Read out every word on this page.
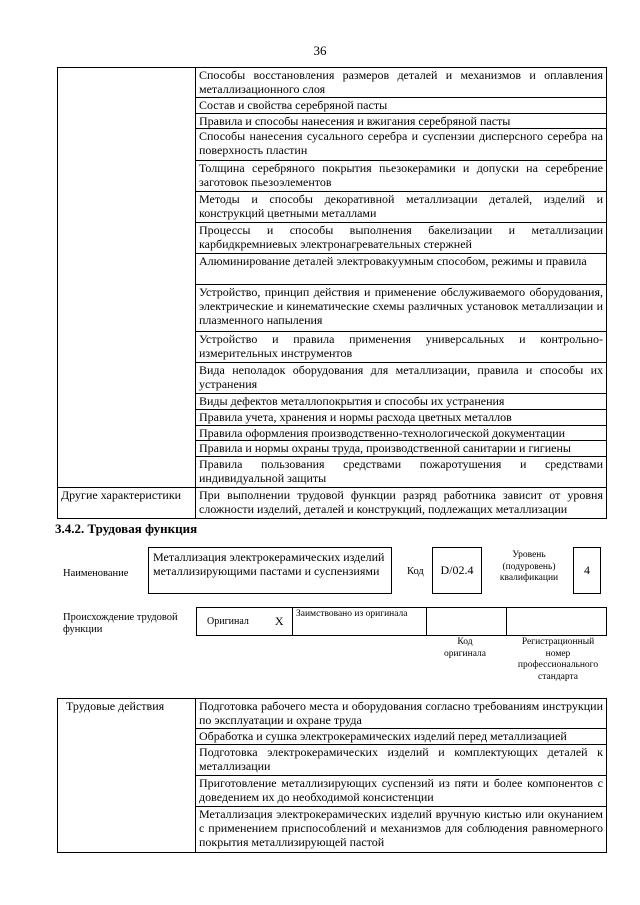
36
	Способы восстановления размеров деталей и механизмов и оплавления металлизационного слоя
	Состав и свойства серебряной пасты
	Правила и способы нанесения и вжигания серебряной пасты
	Способы нанесения сусального серебра и суспензии дисперсного серебра на поверхность пластин
	Толщина серебряного покрытия пьезокерамики и допуски на серебрение заготовок пьезоэлементов
	Методы и способы декоративной металлизации деталей, изделий и конструкций цветными металлами
	Процессы и способы выполнения бакелизации и металлизации карбидкремниевых электронагревательных стержней
	Алюминирование деталей электровакуумным способом, режимы и правила
	Устройство, принцип действия и применение обслуживаемого оборудования, электрические и кинематические схемы различных установок металлизации и плазменного напыления
	Устройство и правила применения универсальных и контрольно-измерительных инструментов
	Вида неполадок оборудования для металлизации, правила и способы их устранения
	Виды дефектов металлопокрытия и способы их устранения
	Правила учета, хранения и нормы расхода цветных металлов
	Правила оформления производственно-технологической документации
	Правила и нормы охраны труда, производственной санитарии и гигиены
	Правила пользования средствами пожаротушения и средствами индивидуальной защиты
Другие характеристики	При выполнении трудовой функции разряд работника зависит от уровня сложности изделий, деталей и конструкций, подлежащих металлизации
3.4.2. Трудовая функция
Наименование
Металлизация электрокерамических изделий металлизирующими пастами и суспензиями	Код	D/02.4
Уровень (подуровень) квалификации
4
Происхождение трудовой функции
Оригинал	X	Заимствовано из оригинала		
Код оригинала
Регистрационный номер профессионального стандарта
Трудовые действия	Подготовка рабочего места и оборудования согласно требованиям инструкции по эксплуатации и охране труда
Обработка и сушка электрокерамических изделий перед металлизацией
Подготовка электрокерамических изделий и комплектующих деталей к металлизации
Приготовление металлизирующих суспензий из пяти и более компонентов с доведением их до необходимой консистенции
Металлизация электрокерамических изделий вручную кистью или окунанием с применением приспособлений и механизмов для соблюдения равномерного покрытия металлизирующей пастой
